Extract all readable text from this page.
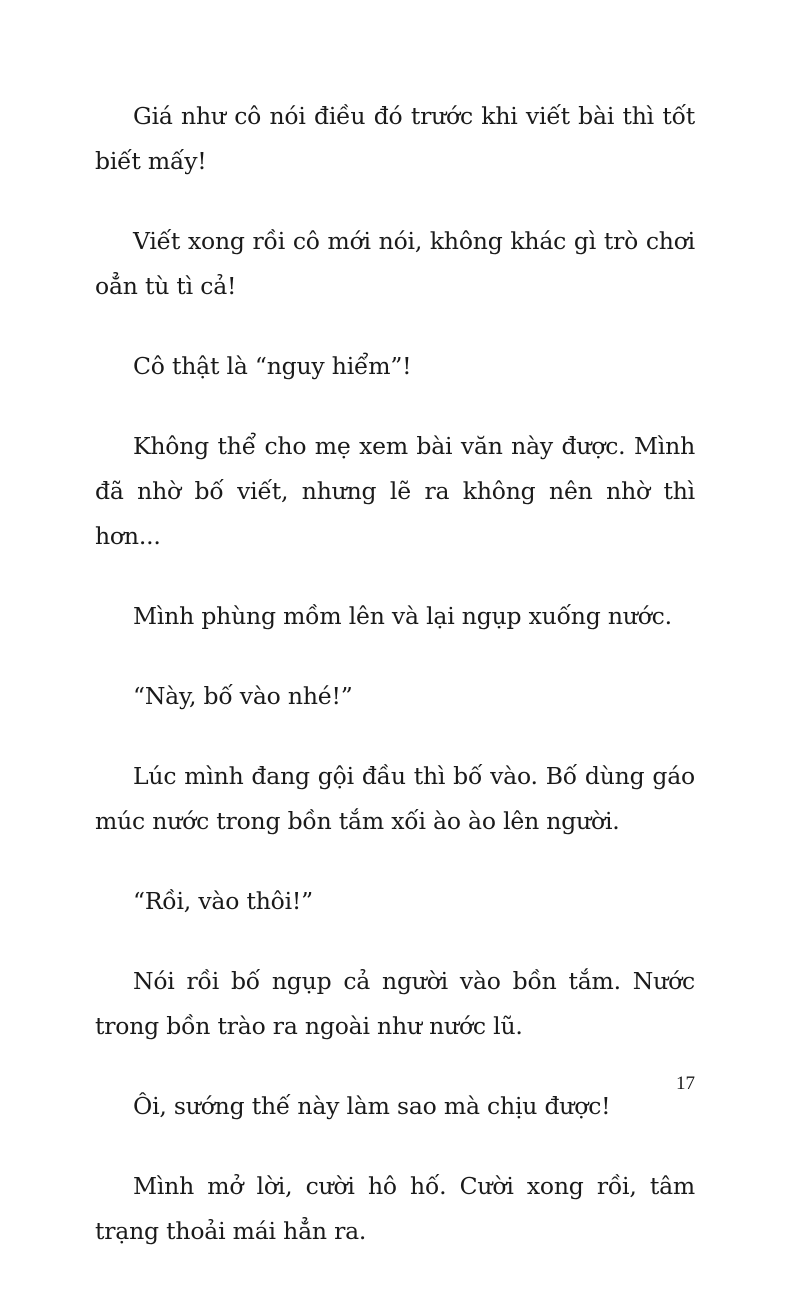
Giá như cô nói điều đó trước khi viết bài thì tốt biết mấy!

Viết xong rồi cô mới nói, không khác gì trò chơi oẳn tù tì cả!

Cô thật là “nguy hiểm”!

Không thể cho mẹ xem bài văn này được. Mình đã nhờ bố viết, nhưng lẽ ra không nên nhờ thì hơn...

Mình phùng mồm lên và lại ngụp xuống nước.

“Này, bố vào nhé!”

Lúc mình đang gội đầu thì bố vào. Bố dùng gáo múc nước trong bồn tắm xối ào ào lên người.

“Rồi, vào thôi!”

Nói rồi bố ngụp cả người vào bồn tắm. Nước trong bồn trào ra ngoài như nước lũ.

Ôi, sướng thế này làm sao mà chịu được!

Mình mở lời, cười hô hố. Cười xong rồi, tâm trạng thoải mái hẳn ra.

17
